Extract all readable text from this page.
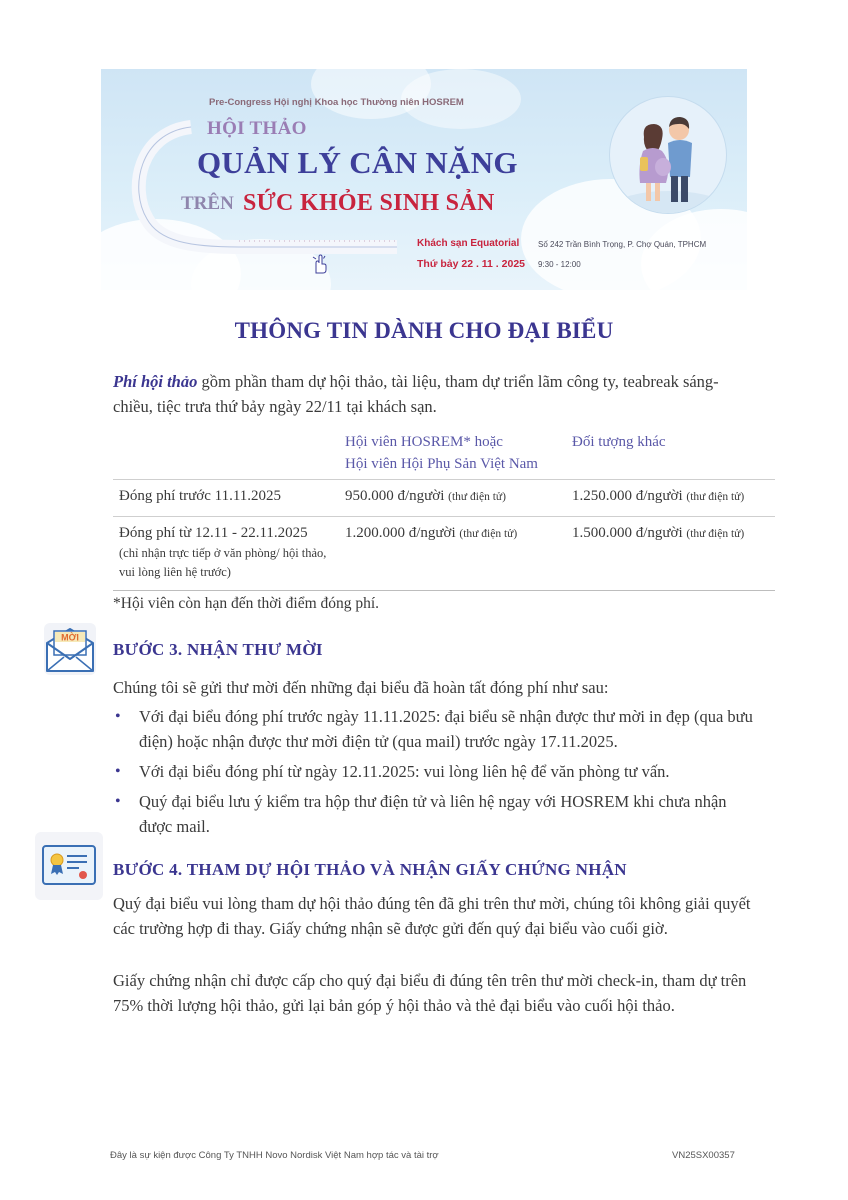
Pre-Congress Hội nghị Khoa học Thường niên HOSREM
HỘI THẢO
QUẢN LÝ CÂN NẶNG
TRÊN SỨC KHỎE SINH SẢN
Khách sạn Equatorial
Thứ bảy 22 . 11 . 2025
Số 242 Trần Bình Trọng, P. Chợ Quán, TPHCM
9:30 - 12:00
THÔNG TIN DÀNH CHO ĐẠI BIỂU

Phí hội thảo gồm phần tham dự hội thảo, tài liệu, tham dự triển lãm công ty, teabreak sáng-chiều, tiệc trưa thứ bảy ngày 22/11 tại khách sạn.

	Hội viên HOSREM* hoặc
Hội viên Hội Phụ Sản Việt Nam	Đối tượng khác
Đóng phí trước 11.11.2025	950.000 đ/người (thư điện tử)	1.250.000 đ/người (thư điện tử)
Đóng phí từ 12.11 - 22.11.2025
(chỉ nhận trực tiếp ở văn phòng/ hội thảo, vui lòng liên hệ trước)	1.200.000 đ/người (thư điện tử)	1.500.000 đ/người (thư điện tử)
*Hội viên còn hạn đến thời điểm đóng phí.
MỜI
BƯỚC 3. NHẬN THƯ MỜI

Chúng tôi sẽ gửi thư mời đến những đại biểu đã hoàn tất đóng phí như sau:

• Với đại biểu đóng phí trước ngày 11.11.2025: đại biểu sẽ nhận được thư mời in đẹp (qua bưu điện) hoặc nhận được thư mời điện tử (qua mail) trước ngày 17.11.2025.
• Với đại biểu đóng phí từ ngày 12.11.2025: vui lòng liên hệ để văn phòng tư vấn.
• Quý đại biểu lưu ý kiểm tra hộp thư điện tử và liên hệ ngay với HOSREM khi chưa nhận được mail.
BƯỚC 4. THAM DỰ HỘI THẢO VÀ NHẬN GIẤY CHỨNG NHẬN

Quý đại biểu vui lòng tham dự hội thảo đúng tên đã ghi trên thư mời, chúng tôi không giải quyết các trường hợp đi thay. Giấy chứng nhận sẽ được gửi đến quý đại biểu vào cuối giờ.

Giấy chứng nhận chỉ được cấp cho quý đại biểu đi đúng tên trên thư mời check-in, tham dự trên 75% thời lượng hội thảo, gửi lại bản góp ý hội thảo và thẻ đại biểu vào cuối hội thảo.

Đây là sự kiện được Công Ty TNHH Novo Nordisk Việt Nam hợp tác và tài trợ	VN25SX00357
